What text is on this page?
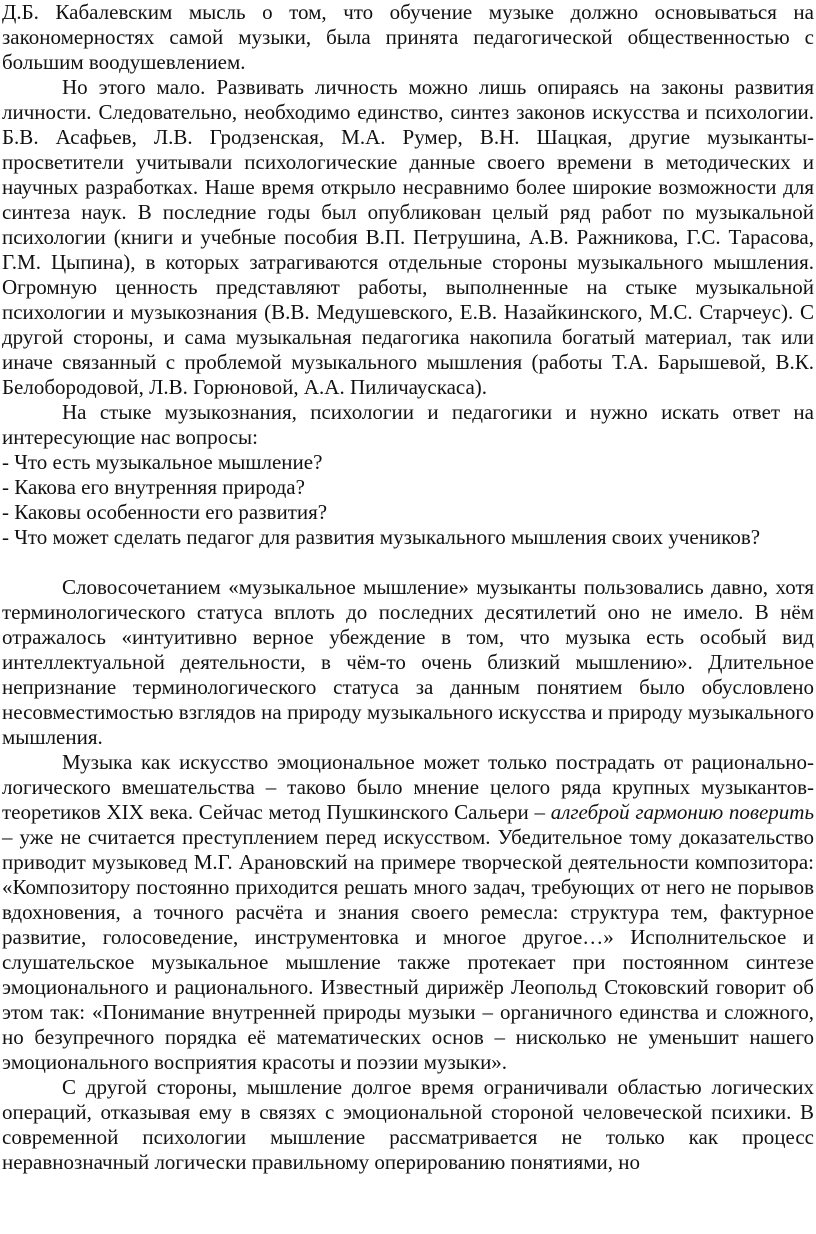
Д.Б. Кабалевским мысль о том, что обучение музыке должно основываться на закономерностях самой музыки, была принята педагогической общественностью с большим воодушевлением.

Но этого мало. Развивать личность можно лишь опираясь на законы развития личности. Следовательно, необходимо единство, синтез законов искусства и психологии. Б.В. Асафьев, Л.В. Гродзенская, М.А. Румер, В.Н. Шацкая, другие музыканты-просветители учитывали психологические данные своего времени в методических и научных разработках. Наше время открыло несравнимо более широкие возможности для синтеза наук. В последние годы был опубликован целый ряд работ по музыкальной психологии (книги и учебные пособия В.П. Петрушина, А.В. Ражникова, Г.С. Тарасова, Г.М. Цыпина), в которых затрагиваются отдельные стороны музыкального мышления. Огромную ценность представляют работы, выполненные на стыке музыкальной психологии и музыкознания (В.В. Медушевского, Е.В. Назайкинского, М.С. Старчеус). С другой стороны, и сама музыкальная педагогика накопила богатый материал, так или иначе связанный с проблемой музыкального мышления (работы Т.А. Барышевой, В.К. Белобородовой, Л.В. Горюновой, А.А. Пиличаускаса).

На стыке музыкознания, психологии и педагогики и нужно искать ответ на интересующие нас вопросы:

- Что есть музыкальное мышление?

- Какова его внутренняя природа?

- Каковы особенности его развития?

- Что может сделать педагог для развития музыкального мышления своих учеников?

Словосочетанием «музыкальное мышление» музыканты пользовались давно, хотя терминологического статуса вплоть до последних десятилетий оно не имело. В нём отражалось «интуитивно верное убеждение в том, что музыка есть особый вид интеллектуальной деятельности, в чём-то очень близкий мышлению». Длительное непризнание терминологического статуса за данным понятием было обусловлено несовместимостью взглядов на природу музыкального искусства и природу музыкального мышления.

Музыка как искусство эмоциональное может только пострадать от рационально-логического вмешательства – таково было мнение целого ряда крупных музыкантов-теоретиков XIX века. Сейчас метод Пушкинского Сальери – алгеброй гармонию поверить – уже не считается преступлением перед искусством. Убедительное тому доказательство приводит музыковед М.Г. Арановский на примере творческой деятельности композитора: «Композитору постоянно приходится решать много задач, требующих от него не порывов вдохновения, а точного расчёта и знания своего ремесла: структура тем, фактурное развитие, голосоведение, инструментовка и многое другое…» Исполнительское и слушательское музыкальное мышление также протекает при постоянном синтезе эмоционального и рационального. Известный дирижёр Леопольд Стоковский говорит об этом так: «Понимание внутренней природы музыки – органичного единства и сложного, но безупречного порядка её математических основ – нисколько не уменьшит нашего эмоционального восприятия красоты и поэзии музыки».

С другой стороны, мышление долгое время ограничивали областью логических операций, отказывая ему в связях с эмоциональной стороной человеческой психики. В современной психологии мышление рассматривается не только как процесс неравнозначный логически правильному оперированию понятиями, но
